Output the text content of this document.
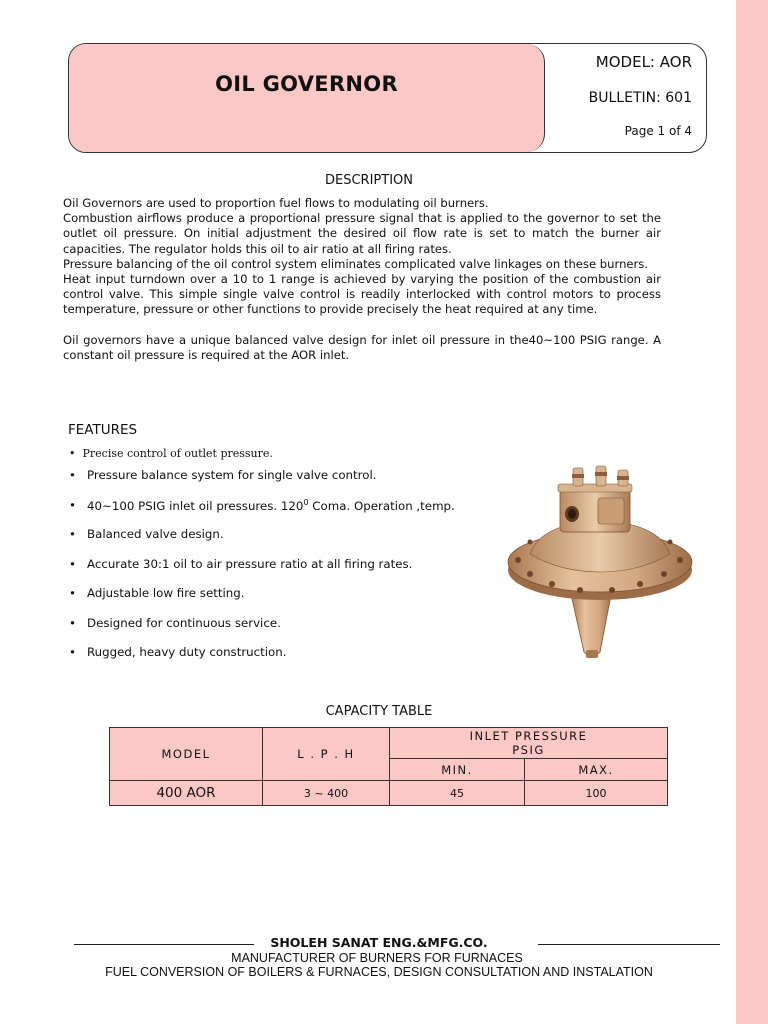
OIL GOVERNOR
MODEL: AOR
BULLETIN: 601
Page 1 of 4
DESCRIPTION

Oil Governors are used to proportion fuel flows to modulating oil burners.

Combustion airflows produce a proportional pressure signal that is applied to the governor to set the outlet oil pressure. On initial adjustment the desired oil flow rate is set to match the burner air capacities. The regulator holds this oil to air ratio at all firing rates.

Pressure balancing of the oil control system eliminates complicated valve linkages on these burners.

Heat input turndown over a 10 to 1 range is achieved by varying the position of the combustion air control valve. This simple single valve control is readily interlocked with control motors to process temperature, pressure or other functions to provide precisely the heat required at any time.

Oil governors have a unique balanced valve design for inlet oil pressure in the40~100 PSIG range. A constant oil pressure is required at the AOR inlet.

FEATURES
• Precise control of outlet pressure.
• Pressure balance system for single valve control.
• 40~100 PSIG inlet oil pressures. $120^0$ Coma. Operation ,temp.
• Balanced valve design.
• Accurate 30:1 oil to air pressure ratio at all firing rates.
• Adjustable low fire setting.
• Designed for continuous service.
• Rugged, heavy duty construction.
CAPACITY TABLE
MODEL	L . P . H	INLET PRESSURE
PSIG	

		MIN.	MAX.
400 AOR	3 ~ 400	45	100
SHOLEH SANAT ENG.&MFG.CO.
MANUFACTURER OF BURNERS FOR FURNACES
FUEL CONVERSION OF BOILERS & FURNACES, DESIGN CONSULTATION AND INSTALATION
